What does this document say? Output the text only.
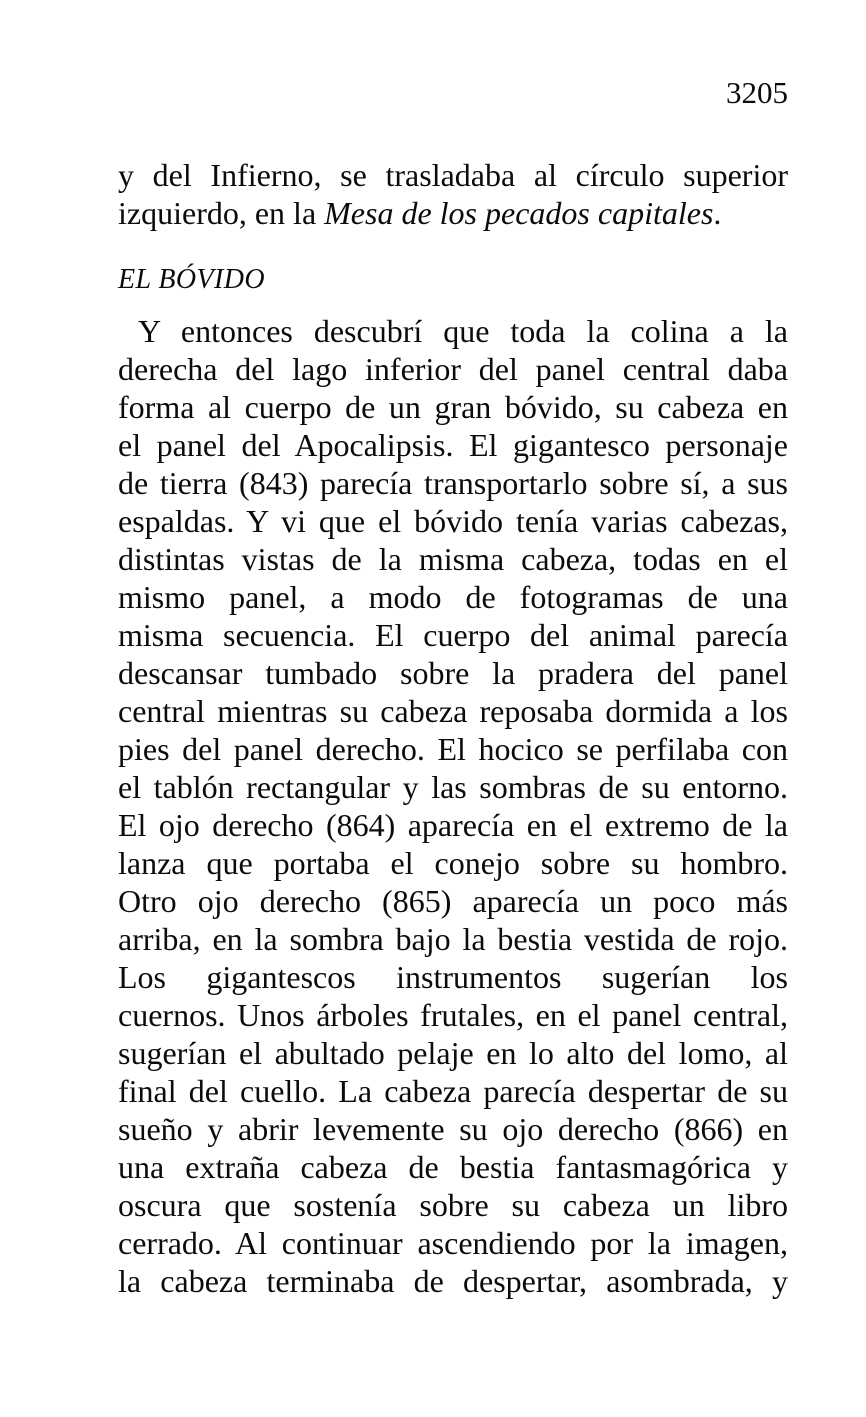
3205
y del Infierno, se trasladaba al círculo superior
izquierdo, en la Mesa de los pecados capitales.
EL BÓVIDO
Y entonces descubrí que toda la colina a la
derecha del lago inferior del panel central daba
forma al cuerpo de un gran bóvido, su cabeza en
el panel del Apocalipsis. El gigantesco personaje
de tierra (843) parecía transportarlo sobre sí, a sus
espaldas. Y vi que el bóvido tenía varias cabezas,
distintas vistas de la misma cabeza, todas en el
mismo panel, a modo de fotogramas de una
misma secuencia. El cuerpo del animal parecía
descansar tumbado sobre la pradera del panel
central mientras su cabeza reposaba dormida a los
pies del panel derecho. El hocico se perfilaba con
el tablón rectangular y las sombras de su entorno.
El ojo derecho (864) aparecía en el extremo de la
lanza que portaba el conejo sobre su hombro.
Otro ojo derecho (865) aparecía un poco más
arriba, en la sombra bajo la bestia vestida de rojo.
Los gigantescos instrumentos sugerían los
cuernos. Unos árboles frutales, en el panel central,
sugerían el abultado pelaje en lo alto del lomo, al
final del cuello. La cabeza parecía despertar de su
sueño y abrir levemente su ojo derecho (866) en
una extraña cabeza de bestia fantasmagórica y
oscura que sostenía sobre su cabeza un libro
cerrado. Al continuar ascendiendo por la imagen,
la cabeza terminaba de despertar, asombrada, y
